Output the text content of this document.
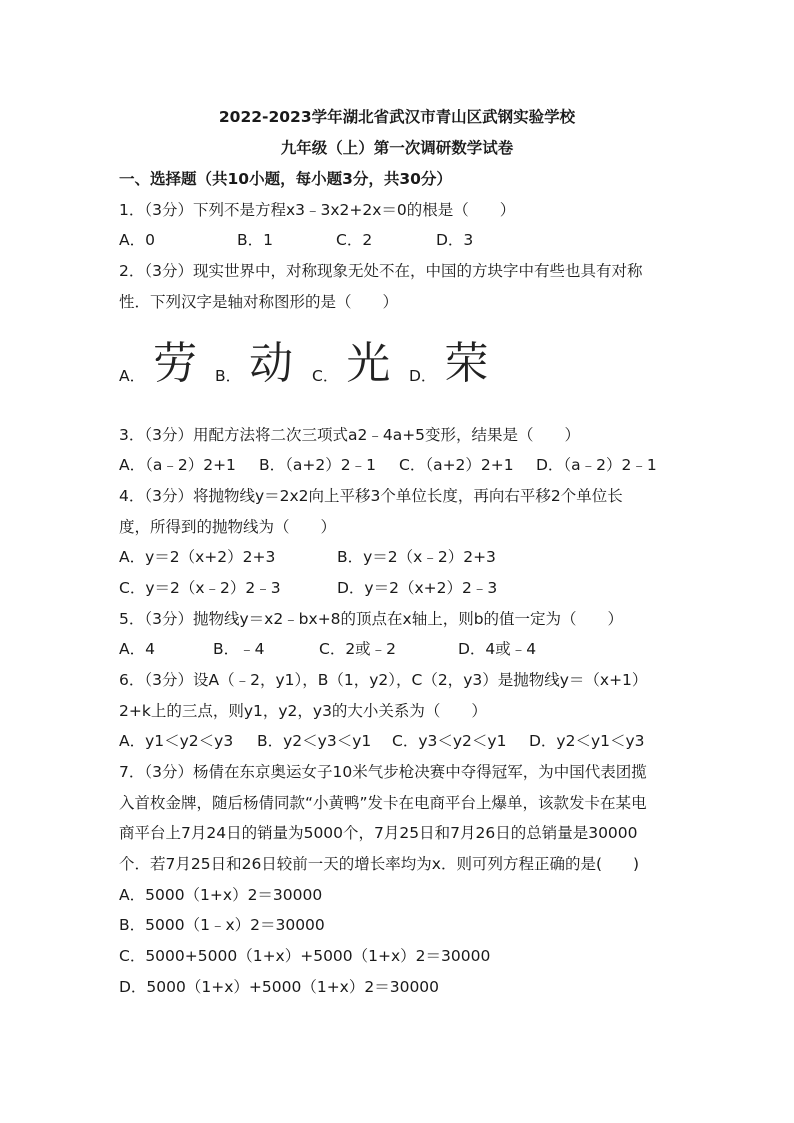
2022-2023学年湖北省武汉市青山区武钢实验学校
九年级（上）第一次调研数学试卷
一、选择题（共10小题，每小题3分，共30分）
1．（3分）下列不是方程x3﹣3x2+2x＝0的根是（　　）
A．0	B．1	C．2	D．3
2．（3分）现实世界中，对称现象无处不在，中国的方块字中有些也具有对称
性．下列汉字是轴对称图形的是（　　）
A． 劳 B． 动 C． 光 D． 荣
3．（3分）用配方法将二次三项式a2﹣4a+5变形，结果是（　　）
A．（a﹣2）2+1	B．（a+2）2﹣1	C．（a+2）2+1	D．（a﹣2）2﹣1
4．（3分）将抛物线y＝2x2向上平移3个单位长度，再向右平移2个单位长
度，所得到的抛物线为（　　）
A．y＝2（x+2）2+3	B．y＝2（x﹣2）2+3
C．y＝2（x﹣2）2﹣3	D．y＝2（x+2）2﹣3
5．（3分）抛物线y＝x2﹣bx+8的顶点在x轴上，则b的值一定为（　　）
A．4	B．﹣4	C．2或﹣2	D．4或﹣4
6．（3分）设A（﹣2，y1），B（1，y2），C（2，y3）是抛物线y＝（x+1）
2+k上的三点，则y1，y2，y3的大小关系为（　　）
A．y1＜y2＜y3	B．y2＜y3＜y1	C．y3＜y2＜y1	D．y2＜y1＜y3
7．（3分）杨倩在东京奥运女子10米气步枪决赛中夺得冠军，为中国代表团揽
入首枚金牌，随后杨倩同款“小黄鸭”发卡在电商平台上爆单，该款发卡在某电
商平台上7月24日的销量为5000个，7月25日和7月26日的总销量是30000
个．若7月25日和26日较前一天的增长率均为x．则可列方程正确的是(　　)
A．5000（1+x）2＝30000
B．5000（1﹣x）2＝30000
C．5000+5000（1+x）+5000（1+x）2＝30000
D．5000（1+x）+5000（1+x）2＝30000
